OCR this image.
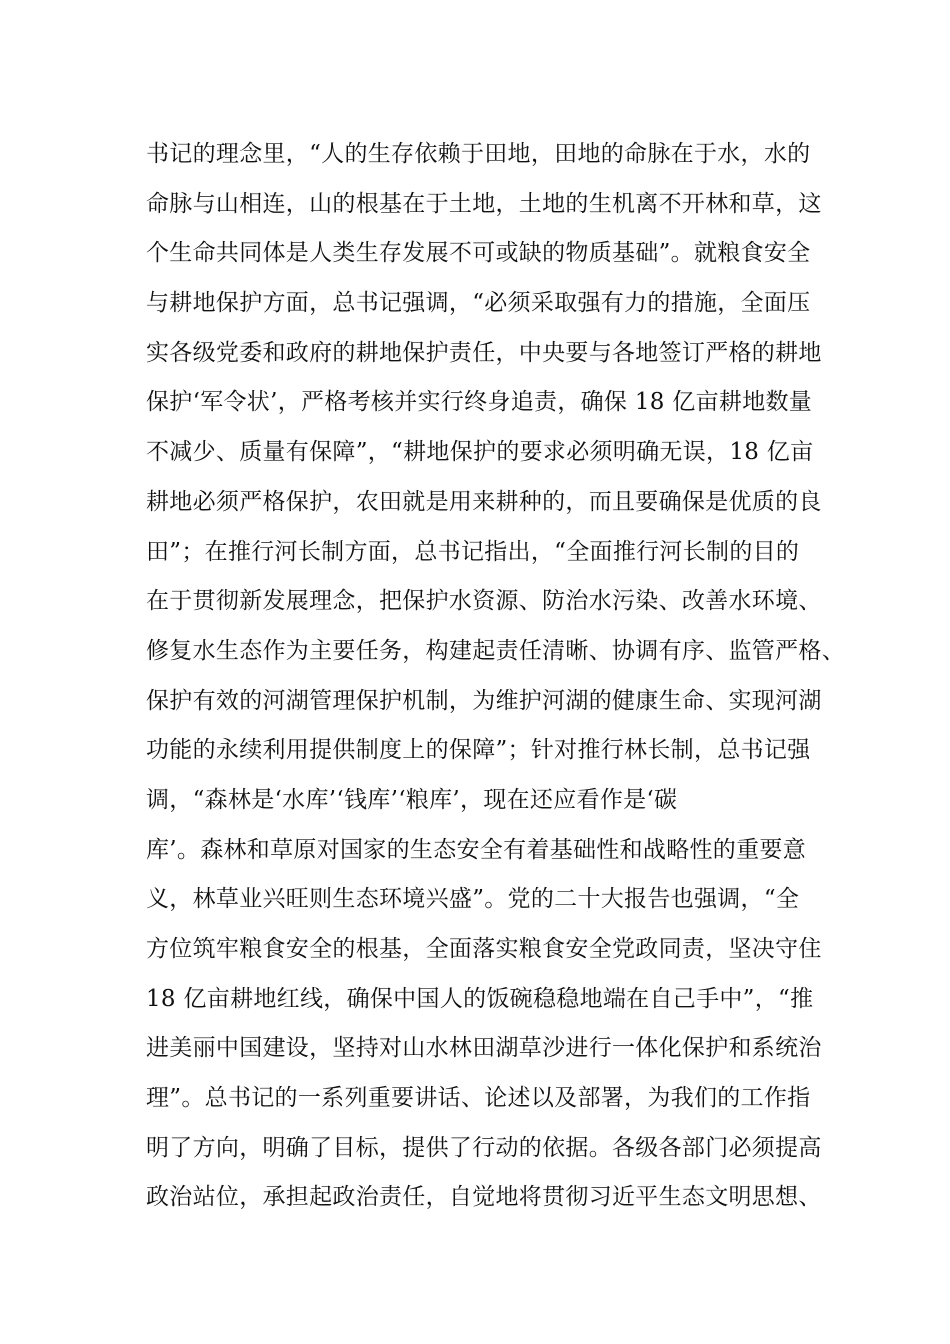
书记的理念里，“人的生存依赖于田地，田地的命脉在于水，水的
命脉与山相连，山的根基在于土地，土地的生机离不开林和草，这
个生命共同体是人类生存发展不可或缺的物质基础”。就粮食安全
与耕地保护方面，总书记强调，“必须采取强有力的措施，全面压
实各级党委和政府的耕地保护责任，中央要与各地签订严格的耕地
保护‘军令状’，严格考核并实行终身追责，确保 18 亿亩耕地数量
不减少、质量有保障”，“耕地保护的要求必须明确无误，18 亿亩
耕地必须严格保护，农田就是用来耕种的，而且要确保是优质的良
田”；在推行河长制方面，总书记指出，“全面推行河长制的目的
在于贯彻新发展理念，把保护水资源、防治水污染、改善水环境、
修复水生态作为主要任务，构建起责任清晰、协调有序、监管严格、
保护有效的河湖管理保护机制，为维护河湖的健康生命、实现河湖
功能的永续利用提供制度上的保障”；针对推行林长制，总书记强
调，“森林是‘水库’‘钱库’‘粮库’，现在还应看作是‘碳
库’。森林和草原对国家的生态安全有着基础性和战略性的重要意
义，林草业兴旺则生态环境兴盛”。党的二十大报告也强调，“全
方位筑牢粮食安全的根基，全面落实粮食安全党政同责，坚决守住
18 亿亩耕地红线，确保中国人的饭碗稳稳地端在自己手中”，“推
进美丽中国建设，坚持对山水林田湖草沙进行一体化保护和系统治
理”。总书记的一系列重要讲话、论述以及部署，为我们的工作指
明了方向，明确了目标，提供了行动的依据。各级各部门必须提高
政治站位，承担起政治责任，自觉地将贯彻习近平生态文明思想、
